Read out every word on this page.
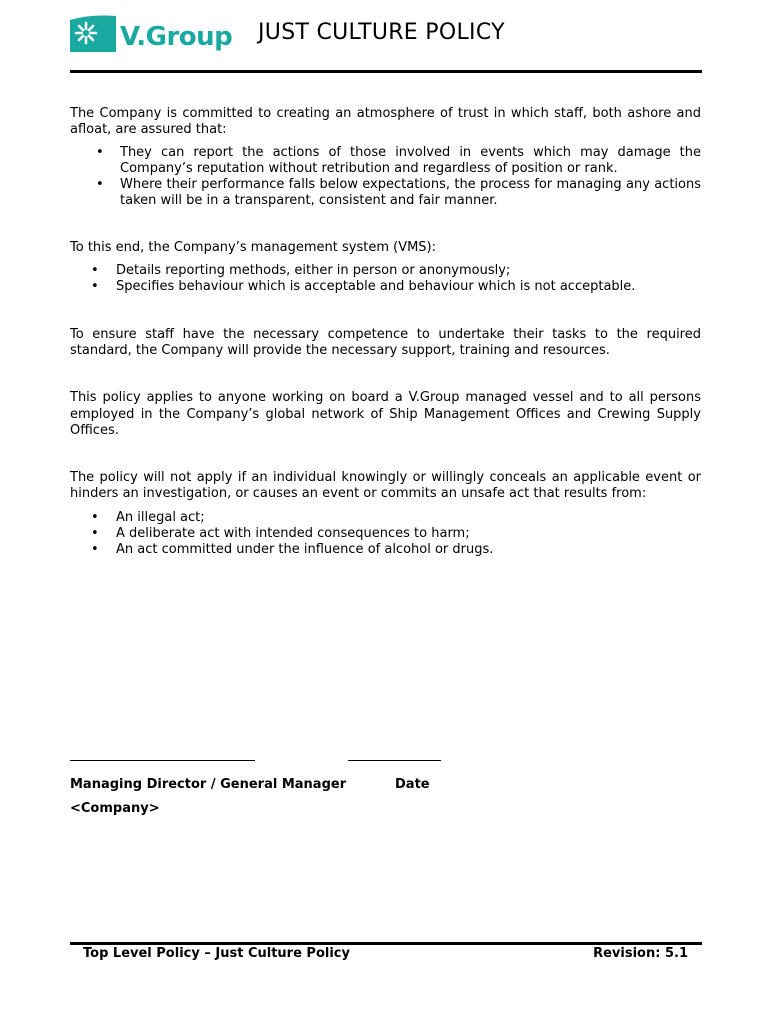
V.Group JUST CULTURE POLICY

The Company is committed to creating an atmosphere of trust in which staff, both ashore and afloat, are assured that:

• They can report the actions of those involved in events which may damage the Company’s reputation without retribution and regardless of position or rank.
• Where their performance falls below expectations, the process for managing any actions taken will be in a transparent, consistent and fair manner.

To this end, the Company’s management system (VMS):

• Details reporting methods, either in person or anonymously;
• Specifies behaviour which is acceptable and behaviour which is not acceptable.

To ensure staff have the necessary competence to undertake their tasks to the required standard, the Company will provide the necessary support, training and resources.

This policy applies to anyone working on board a V.Group managed vessel and to all persons employed in the Company’s global network of Ship Management Offices and Crewing Supply Offices.

The policy will not apply if an individual knowingly or willingly conceals an applicable event or hinders an investigation, or causes an event or commits an unsafe act that results from:

• An illegal act;
• A deliberate act with intended consequences to harm;
• An act committed under the influence of alcohol or drugs.
Managing Director / General Manager	Date
<Company>
Top Level Policy – Just Culture Policy	Revision: 5.1
